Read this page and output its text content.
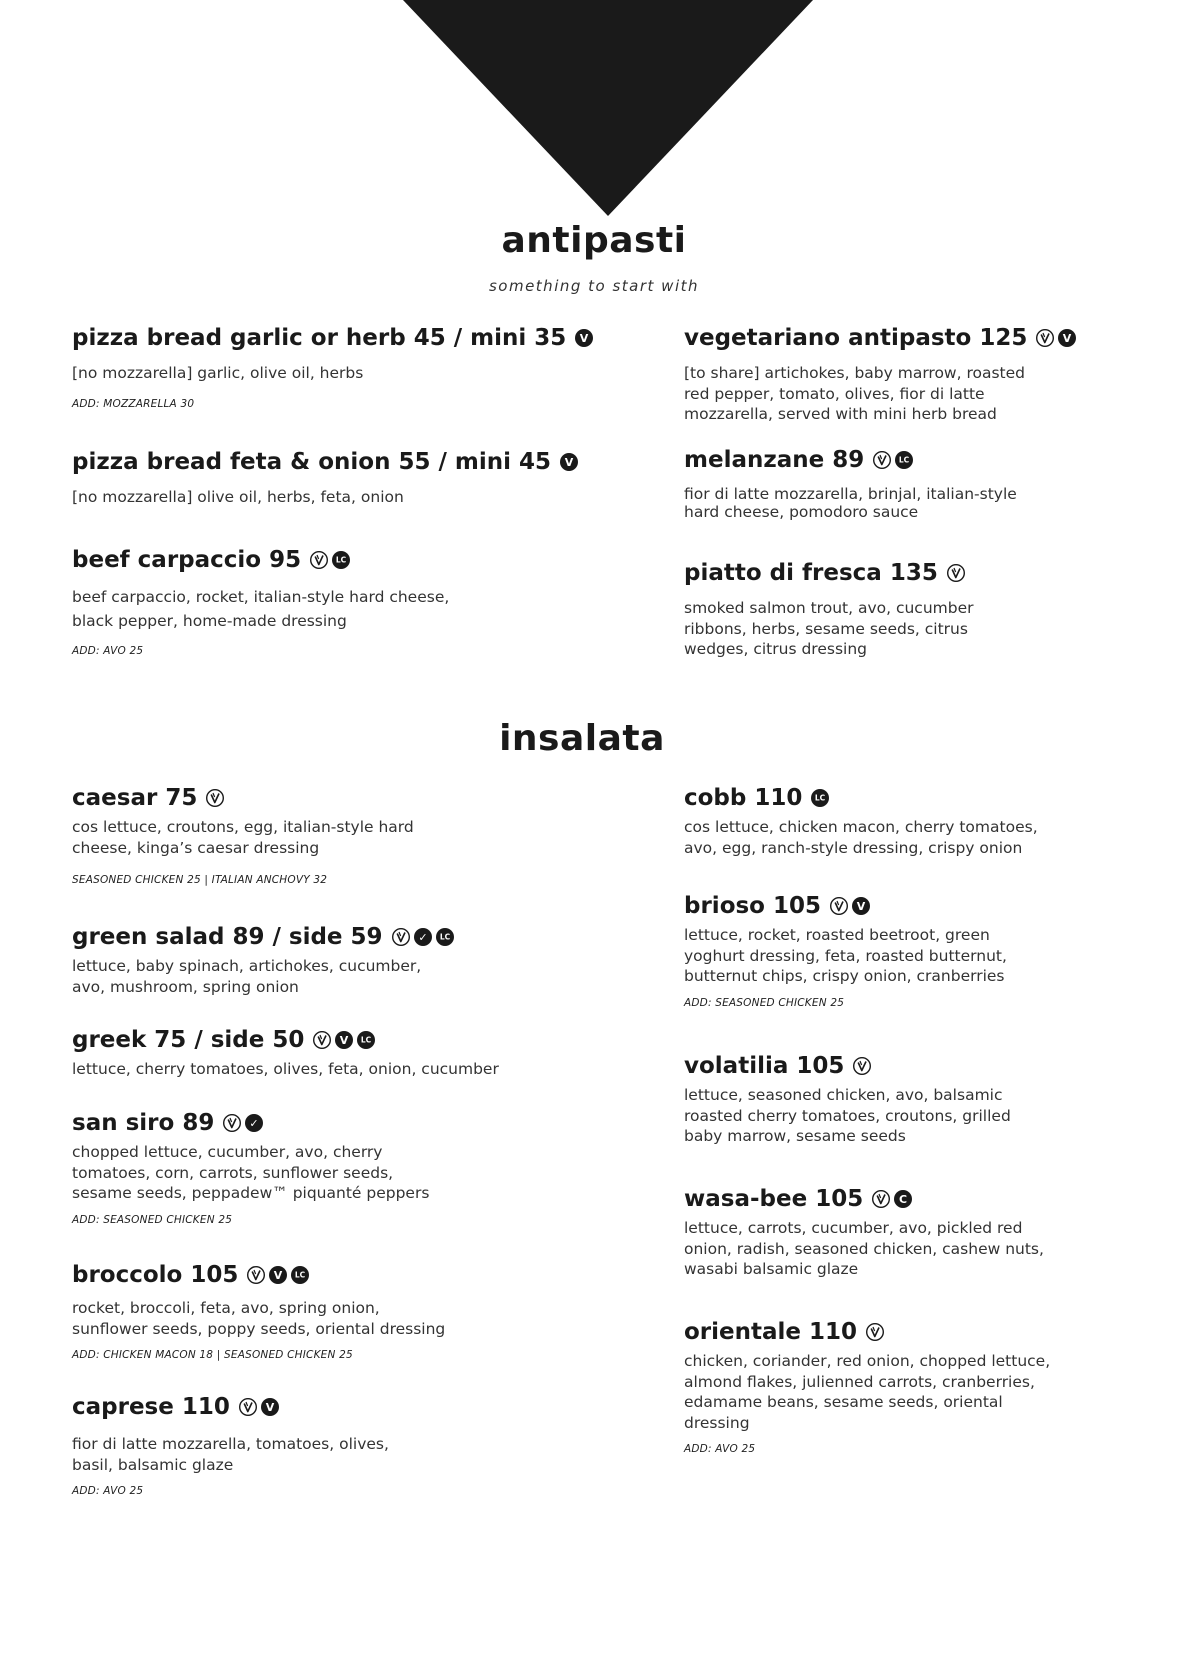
antipasti

something to start with

pizza bread garlic or herb 45 / mini 35 V

[no mozzarella] garlic, olive oil, herbs

ADD: MOZZARELLA 30

pizza bread feta & onion 55 / mini 45 V

[no mozzarella] olive oil, herbs, feta, onion

beef carpaccio 95	LC

beef carpaccio, rocket, italian-style hard cheese, black pepper, home-made dressing

ADD: AVO 25

vegetariano antipasto 125	V

[to share] artichokes, baby marrow, roasted red pepper, tomato, olives, fior di latte mozzarella, served with mini herb bread

melanzane 89	LC

fior di latte mozzarella, brinjal, italian-style hard cheese, pomodoro sauce

piatto di fresca 135

smoked salmon trout, avo, cucumber ribbons, herbs, sesame seeds, citrus wedges, citrus dressing

insalata
caesar 75

cos lettuce, croutons, egg, italian-style hard cheese, kinga’s caesar dressing

SEASONED CHICKEN 25 | ITALIAN ANCHOVY 32

green salad 89 / side 59	✓ LC

lettuce, baby spinach, artichokes, cucumber, avo, mushroom, spring onion

greek 75 / side 50	V LC

lettuce, cherry tomatoes, olives, feta, onion, cucumber

san siro 89	✓

chopped lettuce, cucumber, avo, cherry tomatoes, corn, carrots, sunflower seeds, sesame seeds, peppadew™ piquanté peppers

ADD: SEASONED CHICKEN 25

broccolo 105	V LC

rocket, broccoli, feta, avo, spring onion, sunflower seeds, poppy seeds, oriental dressing

ADD: CHICKEN MACON 18 | SEASONED CHICKEN 25

caprese 110	V

fior di latte mozzarella, tomatoes, olives, basil, balsamic glaze

ADD: AVO 25

cobb 110 LC

cos lettuce, chicken macon, cherry tomatoes, avo, egg, ranch-style dressing, crispy onion

brioso 105	V

lettuce, rocket, roasted beetroot, green yoghurt dressing, feta, roasted butternut, butternut chips, crispy onion, cranberries

ADD: SEASONED CHICKEN 25

volatilia 105

lettuce, seasoned chicken, avo, balsamic roasted cherry tomatoes, croutons, grilled baby marrow, sesame seeds

wasa-bee 105	C

lettuce, carrots, cucumber, avo, pickled red onion, radish, seasoned chicken, cashew nuts, wasabi balsamic glaze

orientale 110

chicken, coriander, red onion, chopped lettuce, almond flakes, julienned carrots, cranberries, edamame beans, sesame seeds, oriental dressing

ADD: AVO 25
